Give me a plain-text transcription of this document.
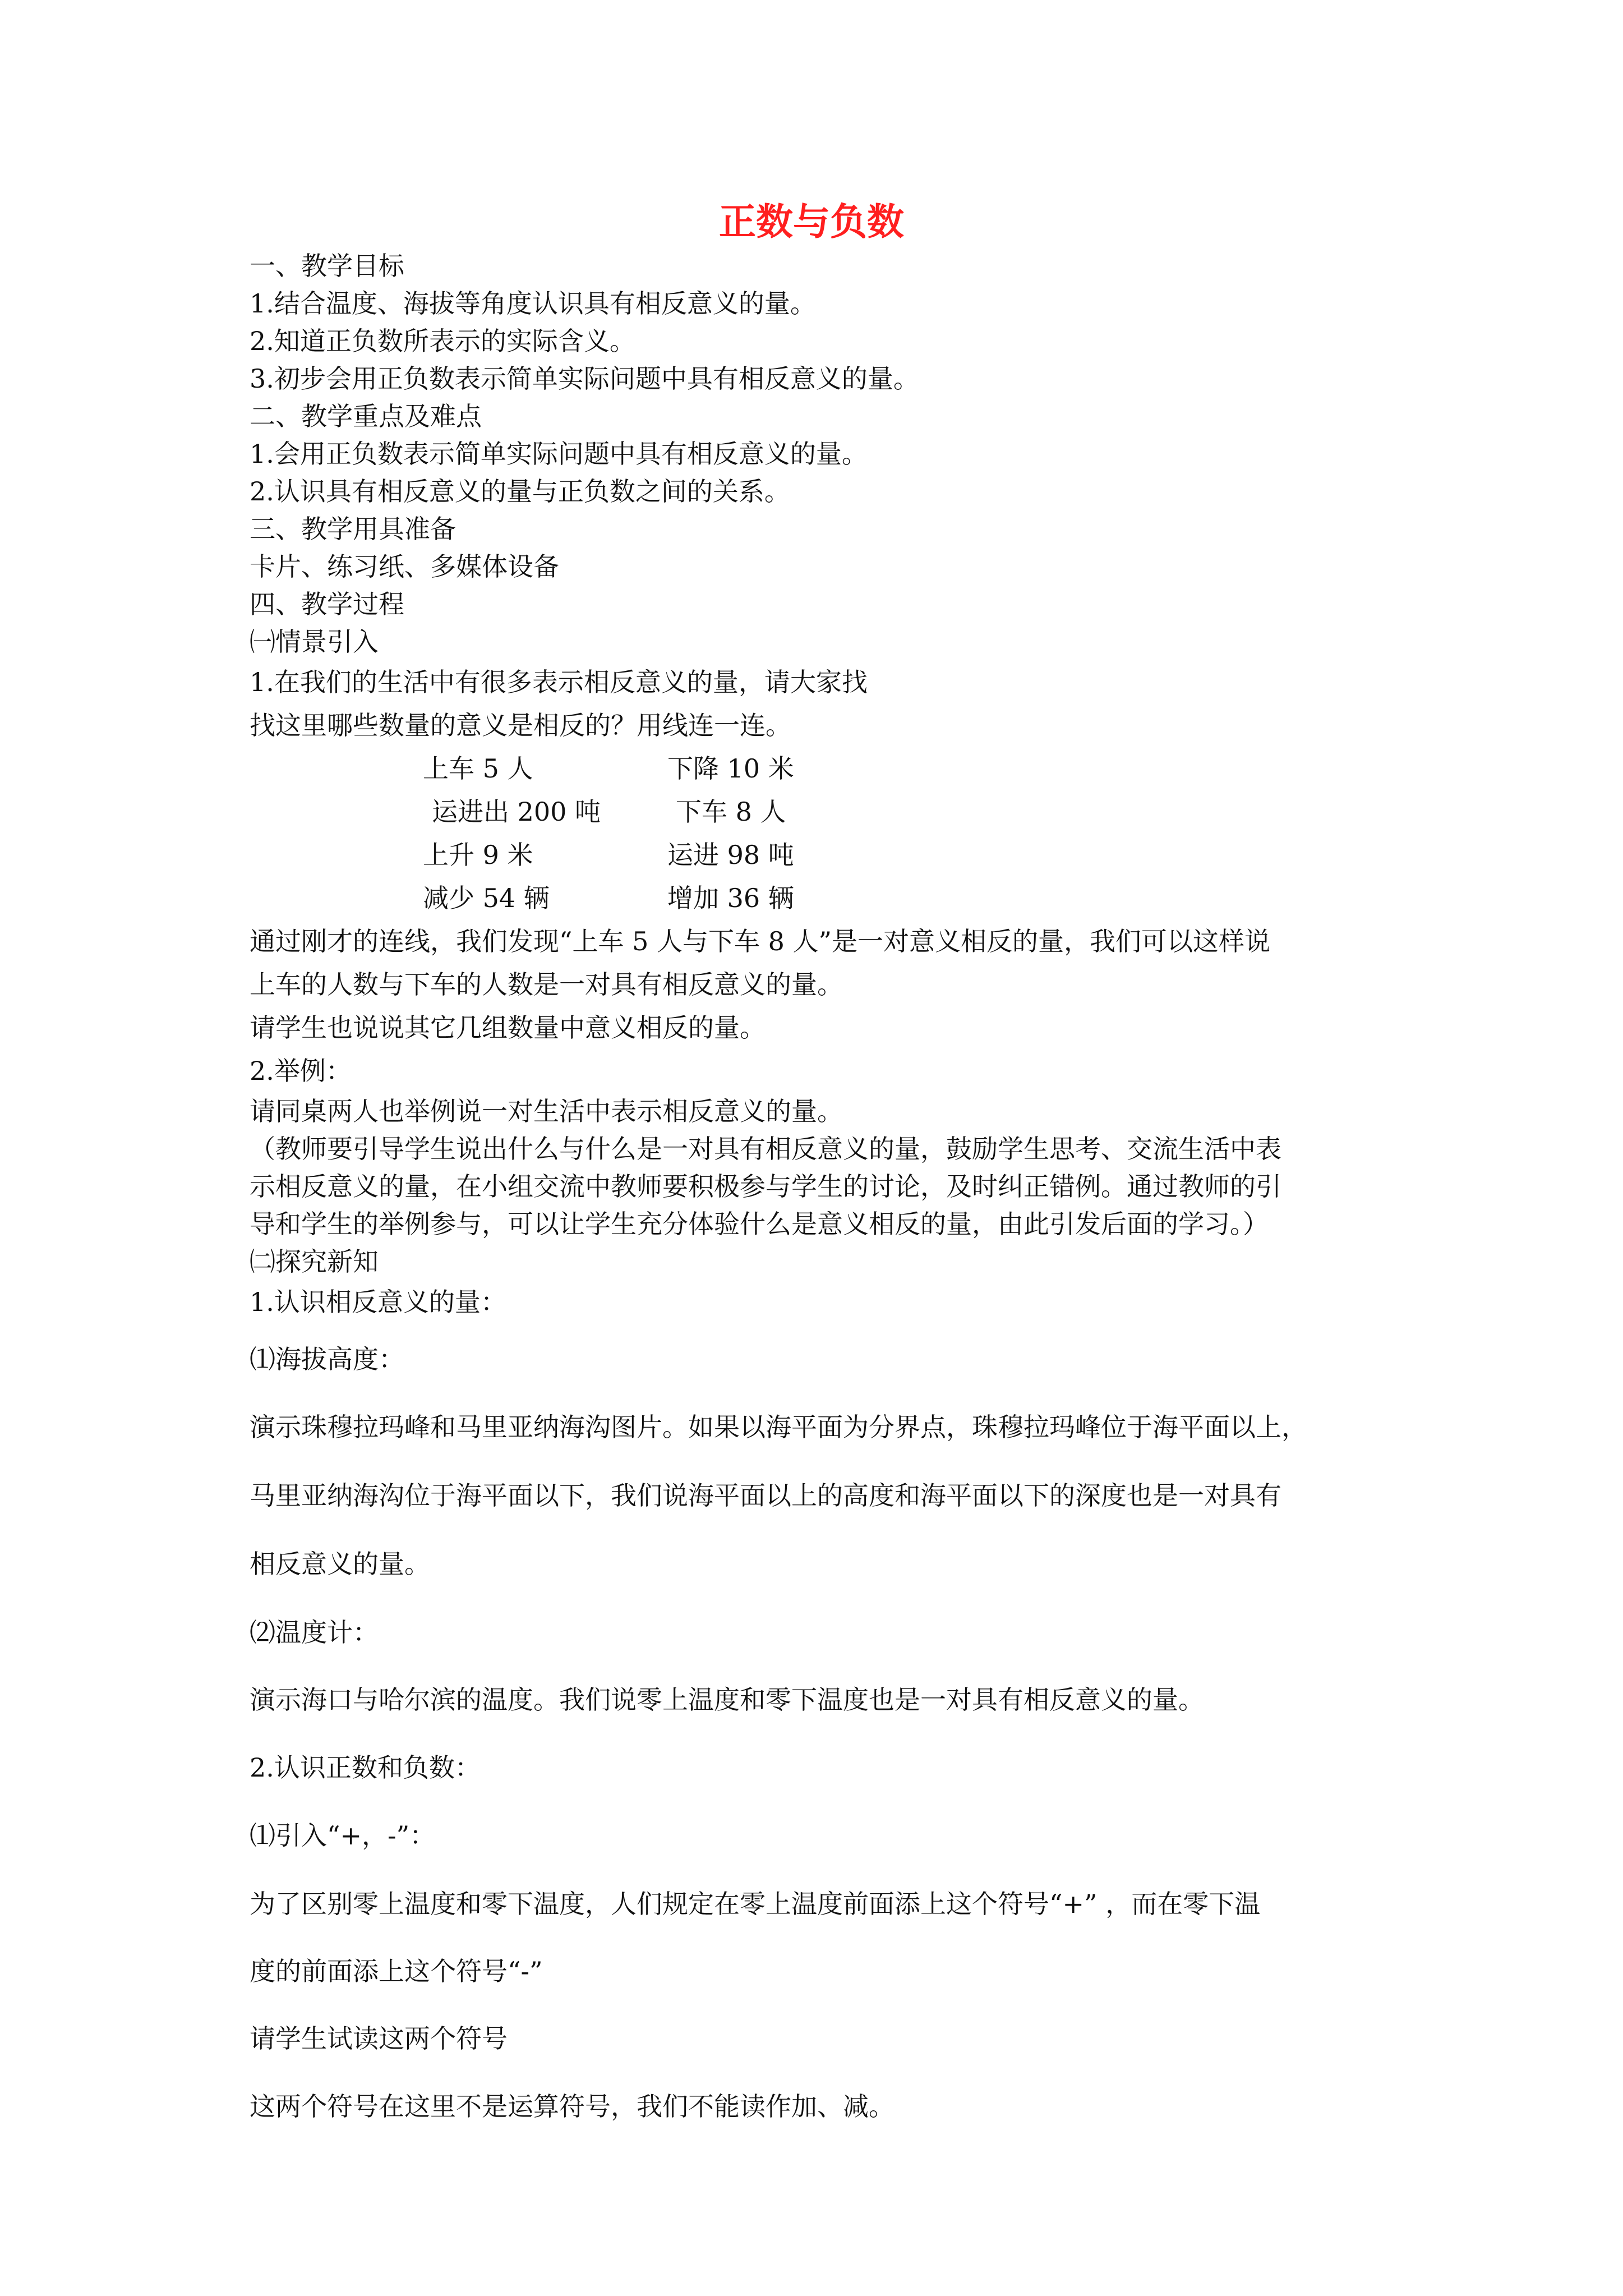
正数与负数
一、教学目标
1.结合温度、海拔等角度认识具有相反意义的量。
2.知道正负数所表示的实际含义。
3.初步会用正负数表示简单实际问题中具有相反意义的量。
二、教学重点及难点
1.会用正负数表示简单实际问题中具有相反意义的量。
2.认识具有相反意义的量与正负数之间的关系。
三、教学用具准备
卡片、练习纸、多媒体设备
四、教学过程
㈠情景引入
1.在我们的生活中有很多表示相反意义的量，请大家找
找这里哪些数量的意义是相反的？用线连一连。
上车 5 人	下降 10 米
运进出 200 吨	下车 8 人
上升 9 米	运进 98 吨
减少 54 辆	增加 36 辆
通过刚才的连线，我们发现“上车 5 人与下车 8 人”是一对意义相反的量，我们可以这样说
上车的人数与下车的人数是一对具有相反意义的量。
请学生也说说其它几组数量中意义相反的量。
2.举例：
请同桌两人也举例说一对生活中表示相反意义的量。
（教师要引导学生说出什么与什么是一对具有相反意义的量，鼓励学生思考、交流生活中表
示相反意义的量，在小组交流中教师要积极参与学生的讨论，及时纠正错例。通过教师的引
导和学生的举例参与，可以让学生充分体验什么是意义相反的量，由此引发后面的学习。）
㈡探究新知
1.认识相反意义的量：
⑴海拔高度：
演示珠穆拉玛峰和马里亚纳海沟图片。如果以海平面为分界点，珠穆拉玛峰位于海平面以上，
马里亚纳海沟位于海平面以下，我们说海平面以上的高度和海平面以下的深度也是一对具有
相反意义的量。
⑵温度计：
演示海口与哈尔滨的温度。我们说零上温度和零下温度也是一对具有相反意义的量。
2.认识正数和负数：
⑴引入“+，-”：
为了区别零上温度和零下温度，人们规定在零上温度前面添上这个符号“+” ，而在零下温
度的前面添上这个符号“-”
请学生试读这两个符号
这两个符号在这里不是运算符号，我们不能读作加、减。
